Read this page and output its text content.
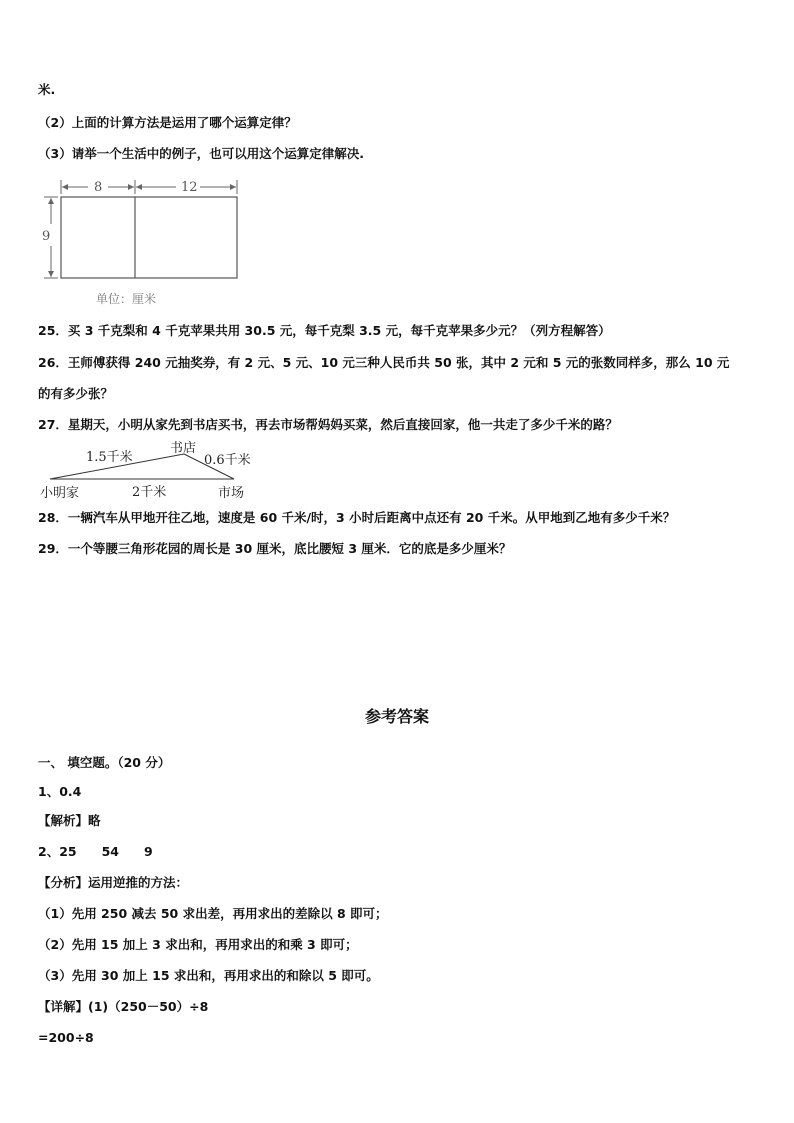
米.
（2）上面的计算方法是运用了哪个运算定律？
（3）请举一个生活中的例子，也可以用这个运算定律解决.
8	12
9
单位：厘米
25．买 3 千克梨和 4 千克苹果共用 30.5 元，每千克梨 3.5 元，每千克苹果多少元？（列方程解答）
26．王师傅获得 240 元抽奖券，有 2 元、5 元、10 元三种人民币共 50 张，其中 2 元和 5 元的张数同样多，那么 10 元
的有多少张？
27．星期天，小明从家先到书店买书，再去市场帮妈妈买菜，然后直接回家，他一共走了多少千米的路？
1.5千米
书店
0.6千米
小明家	2千米	市场
28．一辆汽车从甲地开往乙地，速度是 60 千米/时，3 小时后距离中点还有 20 千米。从甲地到乙地有多少千米？
29．一个等腰三角形花园的周长是 30 厘米，底比腰短 3 厘米．它的底是多少厘米？
参考答案
一、 填空题。（20 分）
1、0.4
【解析】略
2、25　　54　　9
【分析】运用逆推的方法：
（1）先用 250 减去 50 求出差，再用求出的差除以 8 即可；
（2）先用 15 加上 3 求出和，再用求出的和乘 3 即可；
（3）先用 30 加上 15 求出和，再用求出的和除以 5 即可。
【详解】(1)（250－50）÷8
=200÷8
